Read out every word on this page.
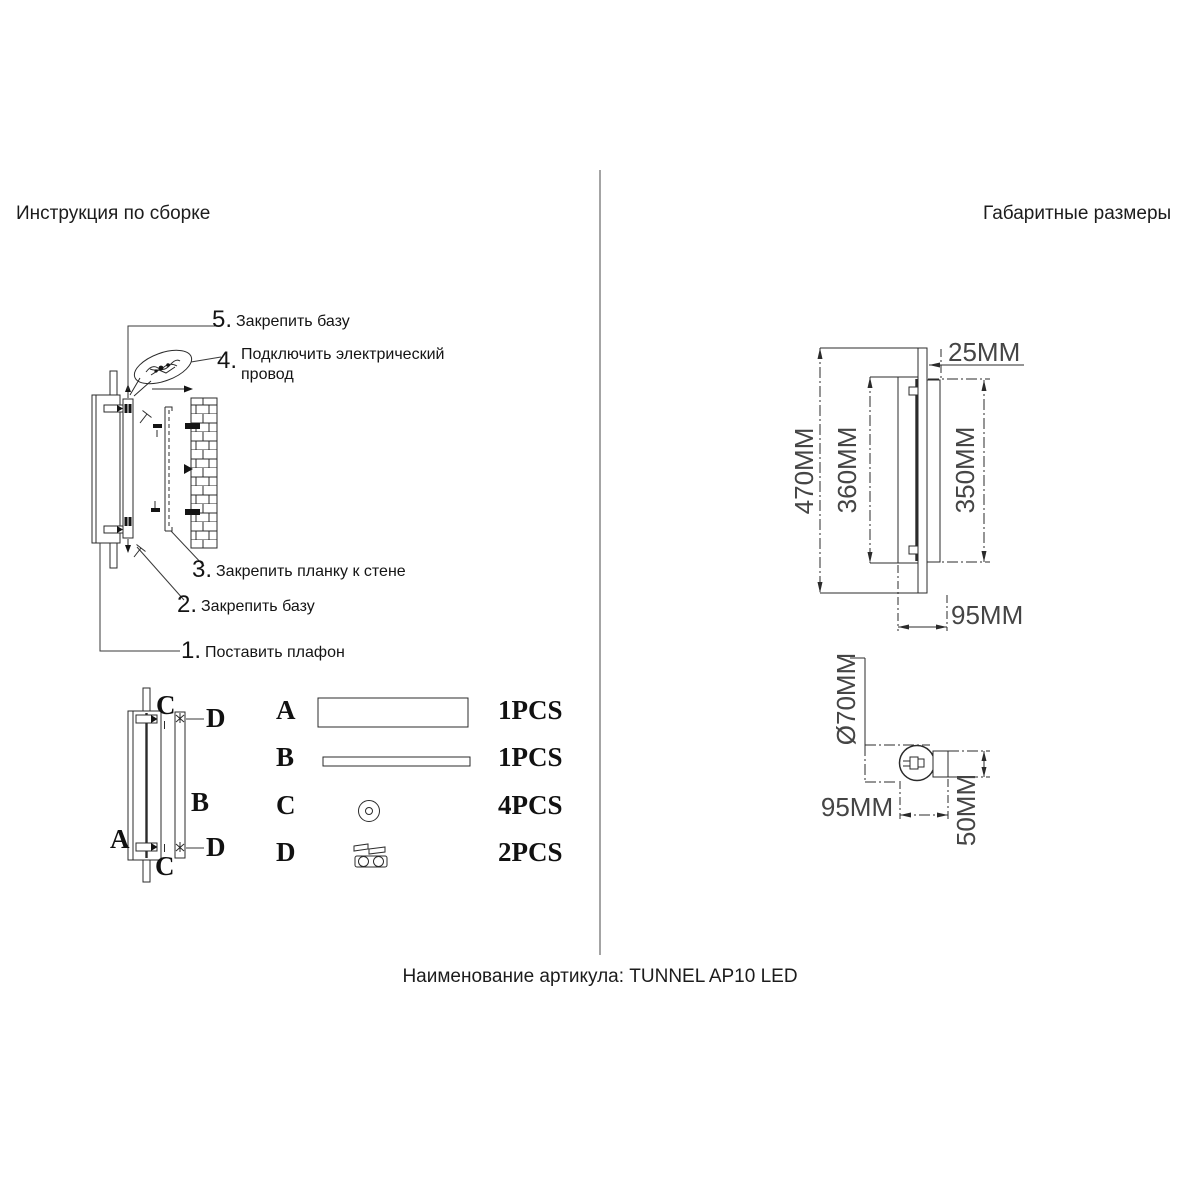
470MM 360MM	350MM
25MM
95MM
Ø70MM
95MM 50MM
Инструкция по сборке	Габаритные размеры
5. Закрепить базу
4. Подключить электрический провод
3. Закрепить планку к стене
2. Закрепить базу
1. Поставить плафон
A
B
C
C
D
D
A
B
C
D
1PCS
1PCS
4PCS
2PCS
Наименование артикула: TUNNEL AP10 LED
